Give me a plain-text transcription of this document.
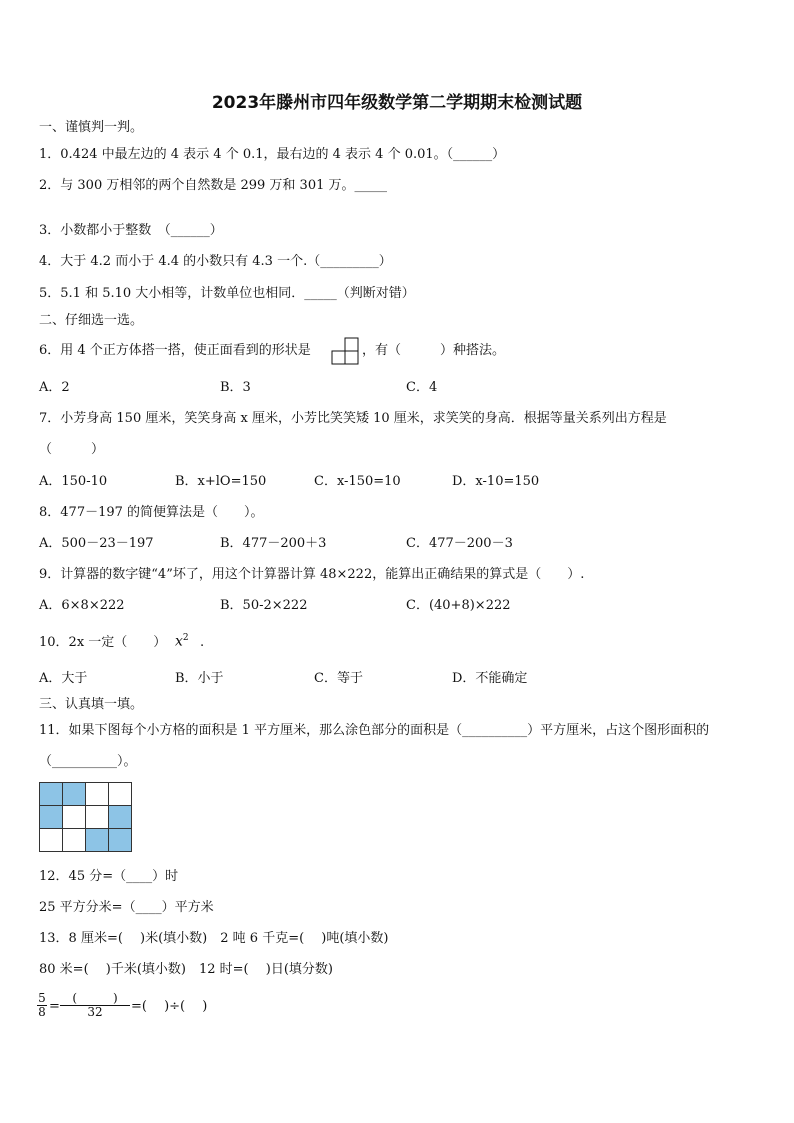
2023年滕州市四年级数学第二学期期末检测试题
一、谨慎判一判。
1．0.424 中最左边的 4 表示 4 个 0.1，最右边的 4 表示 4 个 0.01。（______）
2．与 300 万相邻的两个自然数是 299 万和 301 万。_____
3．小数都小于整数　（______）
4．大于 4.2 而小于 4.4 的小数只有 4.3 一个.（_________）
5．5.1 和 5.10 大小相等，计数单位也相同．_____（判断对错）
二、仔细选一选。
6．用 4 个正方体搭一搭，使正面看到的形状是	，有（　　　）种搭法。
A．2	B．3	C．4
7．小芳身高 150 厘米，笑笑身高 x 厘米，小芳比笑笑矮 10 厘米，求笑笑的身高．根据等量关系列出方程是
（　　　）
A．150-10	B．x+lO=150	C．x-150=10	D．x-10=150
8．477－197 的简便算法是（　　）。
A．500－23－197	B．477－200＋3	C．477－200－3
9．计算器的数字键“4”坏了，用这个计算器计算 48×222，能算出正确结果的算式是（　　）.
A．6×8×222	B．50-2×222	C．(40+8)×222
10．2x 一定（　　） $x^2$ .
A．大于	B．小于	C．等于	D．不能确定
三、认真填一填。
11．如果下图每个小方格的面积是 1 平方厘米，那么涂色部分的面积是（__________）平方厘米，占这个图形面积的
（__________）。

12．45 分=（____）时
25 平方分米=（____）平方米
13．8 厘米=(　 )米(填小数)　2 吨 6 千克=(　 )吨(填小数)
80 米=(　 )千米(填小数)　12 时=(　 )日(填分数)
$\frac{5}{8}$ =
(　　　)
32	=(　 )÷(　 )
